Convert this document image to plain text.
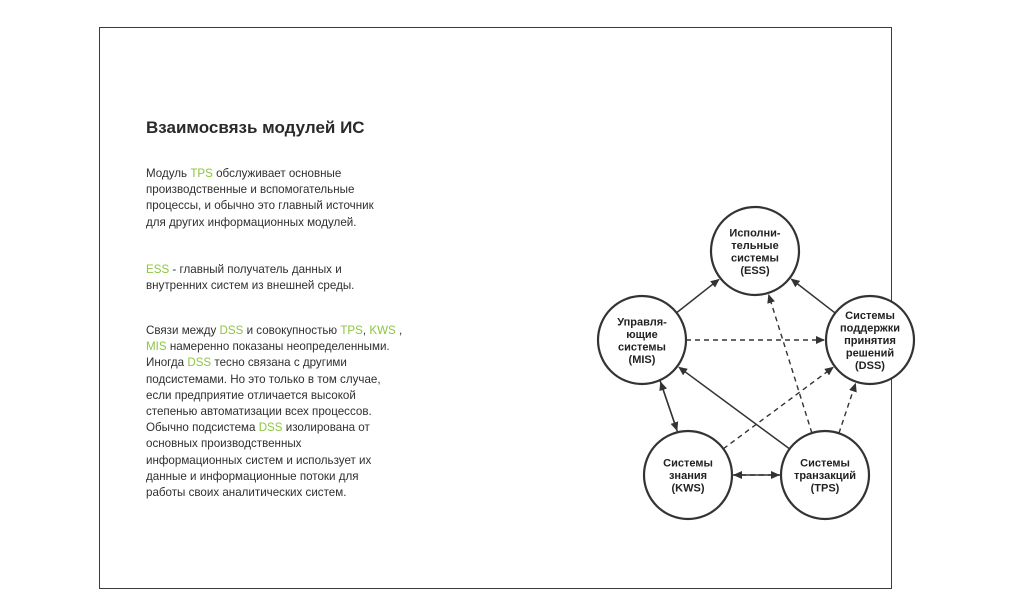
Взаимосвязь модулей ИС
Модуль TPS обслуживает основные
производственные и вспомогательные
процессы, и обычно это главный источник
для других информационных модулей.
ESS - главный получатель данных и
внутренних систем из внешней среды.
Связи между DSS и совокупностью TPS, KWS ,
MIS намеренно показаны неопределенными.
Иногда DSS тесно связана с другими
подсистемами. Но это только в том случае,
если предприятие отличается высокой
степенью автоматизации всех процессов.
Обычно подсистема DSS изолирована от
основных производственных
информационных систем и использует их
данные и информационные потоки для
работы своих аналитических систем.
Исполни-
тельные
системы
(ESS)
Управля-
ющие
системы
(MIS)
Системы
поддержки
принятия
решений
(DSS)
Системы
знания
(KWS)
Системы
транзакций
(TPS)
